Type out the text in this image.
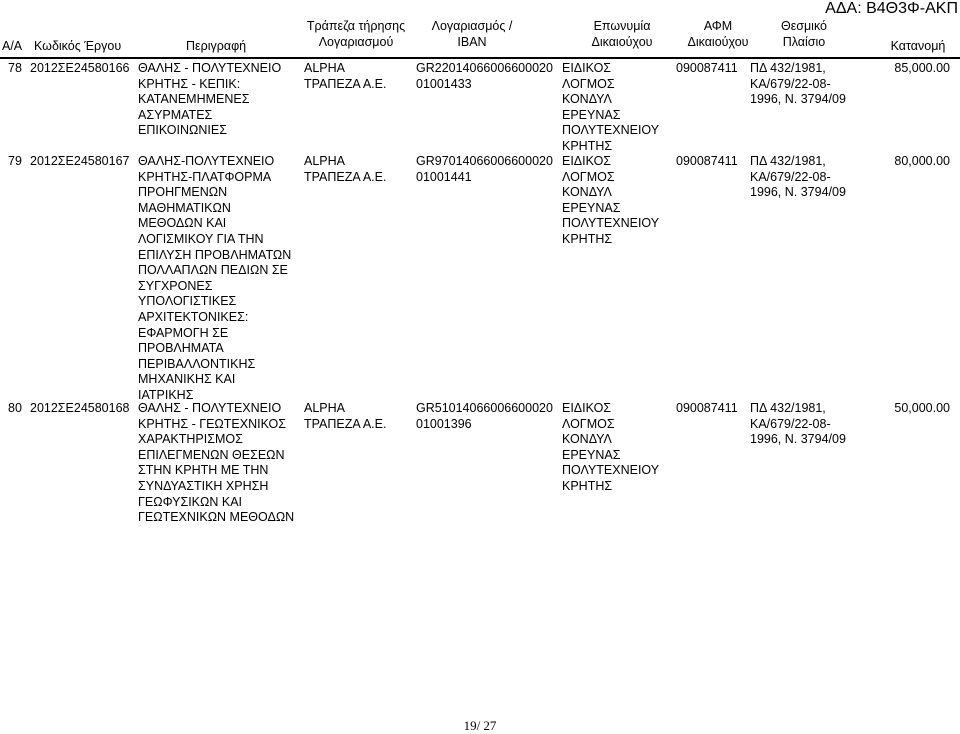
ΑΔΑ: Β4Θ3Φ-ΑΚΠ
Α/Α Κωδικός Έργου	Περιγραφή
Τράπεζα τήρησης
Λογαριασμού
Λογαριασμός /
IBAN
Επωνυμία
Δικαιούχου
ΑΦΜ
Δικαιούχου
Θεσμικό
Πλαίσιο	Κατανομή
78 2012ΣΕ24580166 ΘΑΛΗΣ - ΠΟΛΥΤΕΧΝΕΙΟ
ΚΡΗΤΗΣ - ΚΕΠΙΚ:
ΚΑΤΑΝΕΜΗΜΕΝΕΣ
ΑΣΥΡΜΑΤΕΣ
ΕΠΙΚΟΙΝΩΝΙΕΣ
ALPHA
ΤΡΑΠΕΖΑ Α.Ε.
GR22014066006600020
01001433
ΕΙΔΙΚΟΣ
ΛΟΓΜΟΣ
ΚΟΝΔΥΛ
ΕΡΕΥΝΑΣ
ΠΟΛΥΤΕΧΝΕΙΟΥ
ΚΡΗΤΗΣ
090087411 ΠΔ 432/1981,
ΚΑ/679/22-08-
1996, Ν. 3794/09
85,000.00
79 2012ΣΕ24580167 ΘΑΛΗΣ-ΠΟΛΥΤΕΧΝΕΙΟ
ΚΡΗΤΗΣ-ΠΛΑΤΦΟΡΜΑ
ΠΡΟΗΓΜΕΝΩΝ
ΜΑΘΗΜΑΤΙΚΩΝ
ΜΕΘΟΔΩΝ ΚΑΙ
ΛΟΓΙΣΜΙΚΟΥ ΓΙΑ ΤΗΝ
ΕΠΙΛΥΣΗ ΠΡΟΒΛΗΜΑΤΩΝ
ΠΟΛΛΑΠΛΩΝ ΠΕΔΙΩΝ ΣΕ
ΣΥΓΧΡΟΝΕΣ
ΥΠΟΛΟΓΙΣΤΙΚΕΣ
ΑΡΧΙΤΕΚΤΟΝΙΚΕΣ:
ΕΦΑΡΜΟΓΗ ΣΕ
ΠΡΟΒΛΗΜΑΤΑ
ΠΕΡΙΒΑΛΛΟΝΤΙΚΗΣ
ΜΗΧΑΝΙΚΗΣ ΚΑΙ
ΙΑΤΡΙΚΗΣ
ALPHA
ΤΡΑΠΕΖΑ Α.Ε.
GR97014066006600020
01001441
ΕΙΔΙΚΟΣ
ΛΟΓΜΟΣ
ΚΟΝΔΥΛ
ΕΡΕΥΝΑΣ
ΠΟΛΥΤΕΧΝΕΙΟΥ
ΚΡΗΤΗΣ
090087411 ΠΔ 432/1981,
ΚΑ/679/22-08-
1996, Ν. 3794/09
80,000.00
80 2012ΣΕ24580168 ΘΑΛΗΣ - ΠΟΛΥΤΕΧΝΕΙΟ
ΚΡΗΤΗΣ - ΓΕΩΤΕΧΝΙΚΟΣ
ΧΑΡΑΚΤΗΡΙΣΜΟΣ
ΕΠΙΛΕΓΜΕΝΩΝ ΘΕΣΕΩΝ
ΣΤΗΝ ΚΡΗΤΗ ΜΕ ΤΗΝ
ΣΥΝΔΥΑΣΤΙΚΗ ΧΡΗΣΗ
ΓΕΩΦΥΣΙΚΩΝ ΚΑΙ
ΓΕΩΤΕΧΝΙΚΩΝ ΜΕΘΟΔΩΝ
ALPHA
ΤΡΑΠΕΖΑ Α.Ε.
GR51014066006600020
01001396
ΕΙΔΙΚΟΣ
ΛΟΓΜΟΣ
ΚΟΝΔΥΛ
ΕΡΕΥΝΑΣ
ΠΟΛΥΤΕΧΝΕΙΟΥ
ΚΡΗΤΗΣ
090087411 ΠΔ 432/1981,
ΚΑ/679/22-08-
1996, Ν. 3794/09
50,000.00
19/ 27
